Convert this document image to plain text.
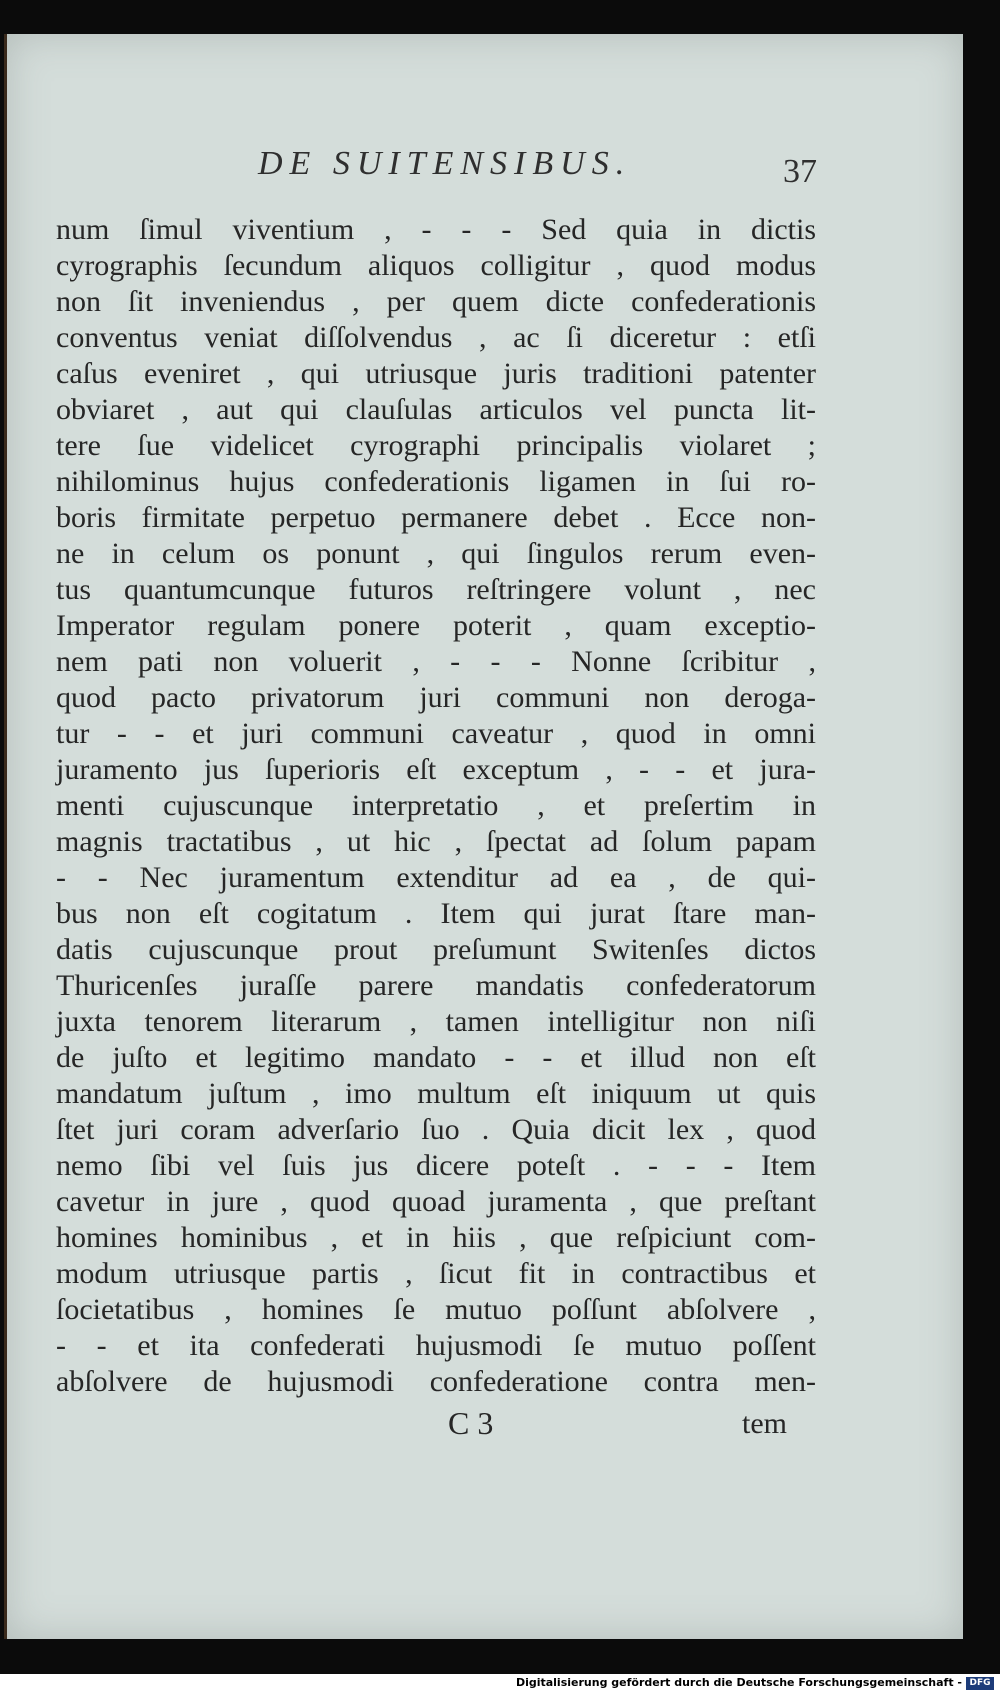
DE SUITENSIBUS.	37
num ſimul viventium , - - - Sed quia in dictis
cyrographis ſecundum aliquos colligitur , quod modus
non ſit inveniendus , per quem dicte confederationis
conventus veniat diſſolvendus , ac ſi diceretur : etſi
caſus eveniret , qui utriusque juris traditioni patenter
obviaret , aut qui clauſulas articulos vel puncta lit-
tere ſue videlicet cyrographi principalis violaret ;
nihilominus hujus confederationis ligamen in ſui ro-
boris firmitate perpetuo permanere debet . Ecce non-
ne in celum os ponunt , qui ſingulos rerum even-
tus quantumcunque futuros reſtringere volunt , nec
Imperator regulam ponere poterit , quam exceptio-
nem pati non voluerit , - - - Nonne ſcribitur ,
quod pacto privatorum juri communi non deroga-
tur - - et juri communi caveatur , quod in omni
juramento jus ſuperioris eſt exceptum , - - et jura-
menti cujuscunque interpretatio , et preſertim in
magnis tractatibus , ut hic , ſpectat ad ſolum papam
- - Nec juramentum extenditur ad ea , de qui-
bus non eſt cogitatum . Item qui jurat ſtare man-
datis cujuscunque prout preſumunt Switenſes dictos
Thuricenſes juraſſe parere mandatis confederatorum
juxta tenorem literarum , tamen intelligitur non niſi
de juſto et legitimo mandato - - et illud non eſt
mandatum juſtum , imo multum eſt iniquum ut quis
ſtet juri coram adverſario ſuo . Quia dicit lex , quod
nemo ſibi vel ſuis jus dicere poteſt . - - - Item
cavetur in jure , quod quoad juramenta , que preſtant
homines hominibus , et in hiis , que reſpiciunt com-
modum utriusque partis , ſicut fit in contractibus et
ſocietatibus , homines ſe mutuo poſſunt abſolvere ,
- - et ita confederati hujusmodi ſe mutuo poſſent
abſolvere de hujusmodi confederatione contra men-
C 3	tem
Digitalisierung gefördert durch die Deutsche Forschungsgemeinschaft - DFG
